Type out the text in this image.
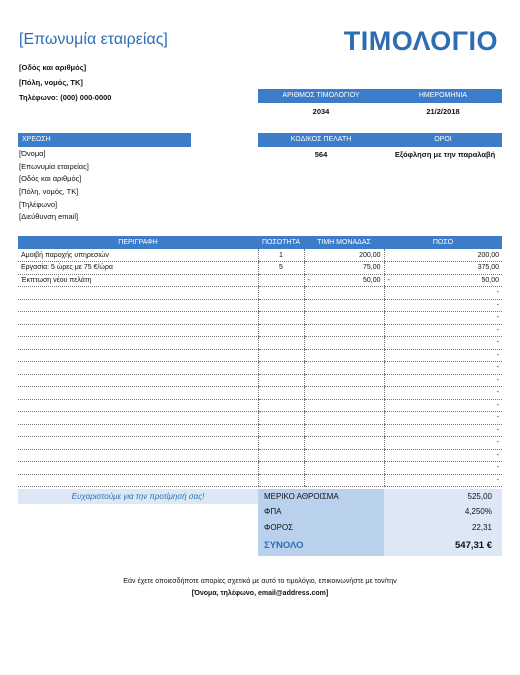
[Επωνυμία εταιρείας]	ΤΙΜΟΛΟΓΙΟ
[Οδός και αριθμός]
[Πόλη, νομός, ΤΚ]
Τηλέφωνο: (000) 000-0000	ΑΡΙΘΜΟΣ ΤΙΜΟΛΟΓΙΟΥ	ΗΜΕΡΟΜΗΝΙΑ
2034	21/2/2018
ΧΡΕΩΣΗ
[Όνομα]
[Επωνυμία εταιρείας]
[Οδός και αριθμός]
[Πόλη, νομός, ΤΚ]
[Τηλέφωνο]
[Διεύθυνση email]
ΚΩΔΙΚΟΣ ΠΕΛΑΤΗ	ΟΡΟΙ
564	Εξόφληση με την παραλαβή
ΠΕΡΙΓΡΑΦΗ	ΠΟΣΟΤΗΤΑ	ΤΙΜΗ ΜΟΝΑΔΑΣ	ΠΟΣΟ
Αμοιβή παροχής υπηρεσιών	1	200,00	200,00

Εργασία: 5 ώρες με 75 €/ώρα	5	75,00	375,00

Έκπτωση νέου πελάτη		- 50,00	- 50,00

			-

			-

			-

			-

			-

			-

			-

			-

			-

			-

			-

			-

			-

			-

			-

			-
Ευχαριστούμε για την προτίμησή σας!	ΜΕΡΙΚΟ ΑΘΡΟΙΣΜΑ	525,00
ΦΠΑ	4,250%
ΦΟΡΟΣ	22,31
ΣΥΝΟΛΟ	547,31 €
Εάν έχετε οποιεσδήποτε απορίες σχετικά με αυτό το τιμολόγιο, επικοινωνήστε με τον/την
[Όνομα, τηλέφωνο, email@address.com]
